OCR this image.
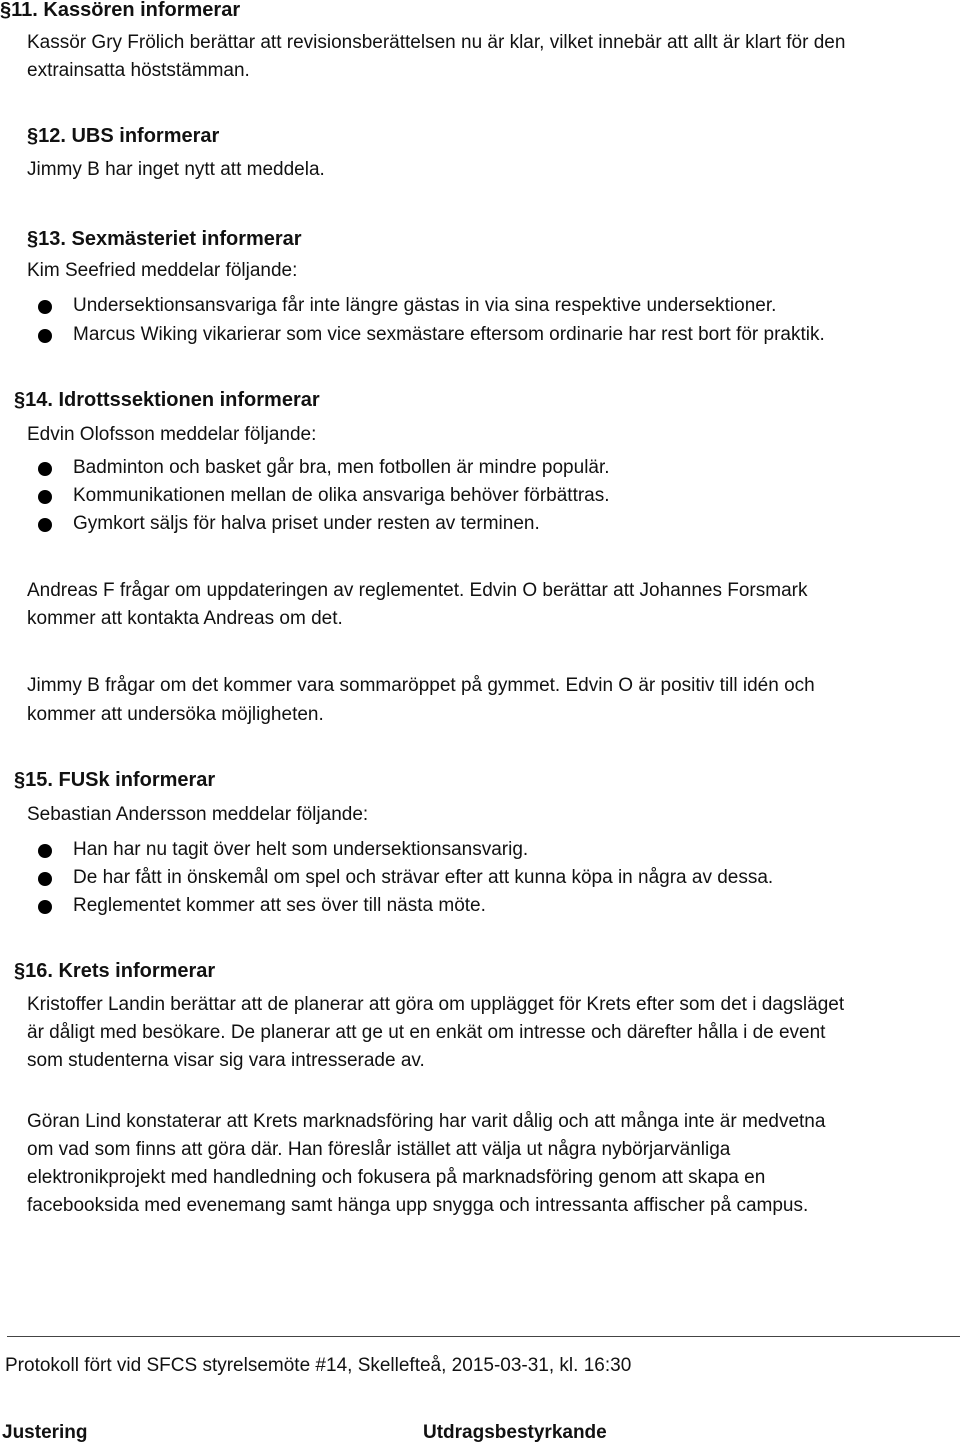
§11. Kassören informerar
Kassör Gry Frölich berättar att revisionsberättelsen nu är klar, vilket innebär att allt är klart för den
extrainsatta höststämman.
§12. UBS informerar
Jimmy B har inget nytt att meddela.
§13. Sexmästeriet informerar
Kim Seefried meddelar följande:
Undersektionsansvariga får inte längre gästas in via sina respektive undersektioner.
Marcus Wiking vikarierar som vice sexmästare eftersom ordinarie har rest bort för praktik.
§14. Idrottssektionen informerar
Edvin Olofsson meddelar följande:
Badminton och basket går bra, men fotbollen är mindre populär.
Kommunikationen mellan de olika ansvariga behöver förbättras.
Gymkort säljs för halva priset under resten av terminen.
Andreas F frågar om uppdateringen av reglementet. Edvin O berättar att Johannes Forsmark
kommer att kontakta Andreas om det.
Jimmy B frågar om det kommer vara sommaröppet på gymmet. Edvin O är positiv till idén och
kommer att undersöka möjligheten.
§15. FUSk informerar
Sebastian Andersson meddelar följande:
Han har nu tagit över helt som undersektionsansvarig.
De har fått in önskemål om spel och strävar efter att kunna köpa in några av dessa.
Reglementet kommer att ses över till nästa möte.
§16. Krets informerar
Kristoffer Landin berättar att de planerar att göra om upplägget för Krets efter som det i dagsläget
är dåligt med besökare. De planerar att ge ut en enkät om intresse och därefter hålla i de event
som studenterna visar sig vara intresserade av.
Göran Lind konstaterar att Krets marknadsföring har varit dålig och att många inte är medvetna
om vad som finns att göra där. Han föreslår istället att välja ut några nybörjarvänliga
elektronikprojekt med handledning och fokusera på marknadsföring genom att skapa en
facebooksida med evenemang samt hänga upp snygga och intressanta affischer på campus.
Protokoll fört vid SFCS styrelsemöte #14, Skellefteå, 2015-03-31, kl. 16:30
Justering	Utdragsbestyrkande
